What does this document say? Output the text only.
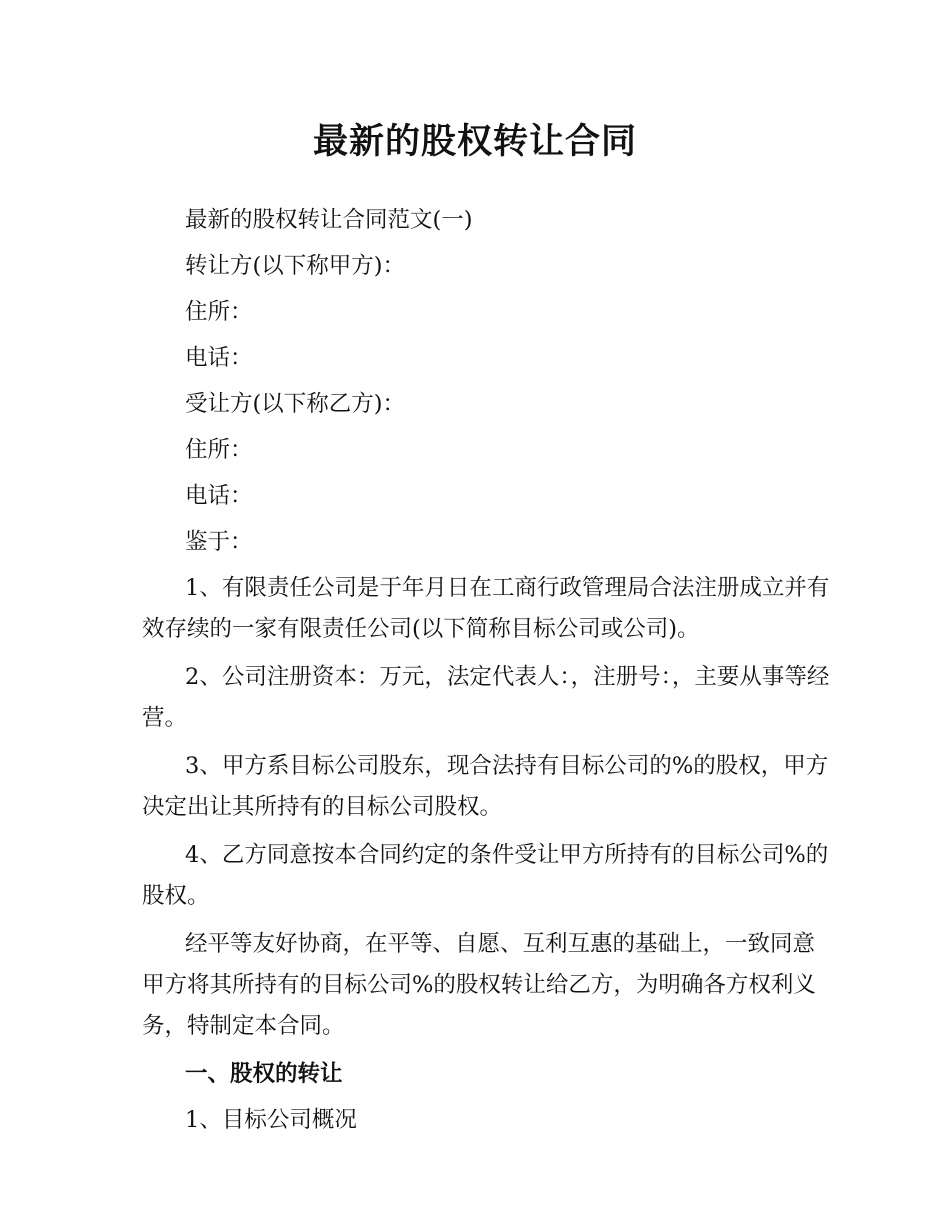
最新的股权转让合同
最新的股权转让合同范文(一)
转让方(以下称甲方)：
住所：
电话：
受让方(以下称乙方)：
住所：
电话：
鉴于：
1、有限责任公司是于年月日在工商行政管理局合法注册成立并有效存续的一家有限责任公司(以下简称目标公司或公司)。
2、公司注册资本：万元，法定代表人：，注册号：，主要从事等经营。
3、甲方系目标公司股东，现合法持有目标公司的%的股权，甲方决定出让其所持有的目标公司股权。
4、乙方同意按本合同约定的条件受让甲方所持有的目标公司%的股权。
经平等友好协商，在平等、自愿、互利互惠的基础上，一致同意甲方将其所持有的目标公司%的股权转让给乙方，为明确各方权利义务，特制定本合同。
一、股权的转让
1、目标公司概况
